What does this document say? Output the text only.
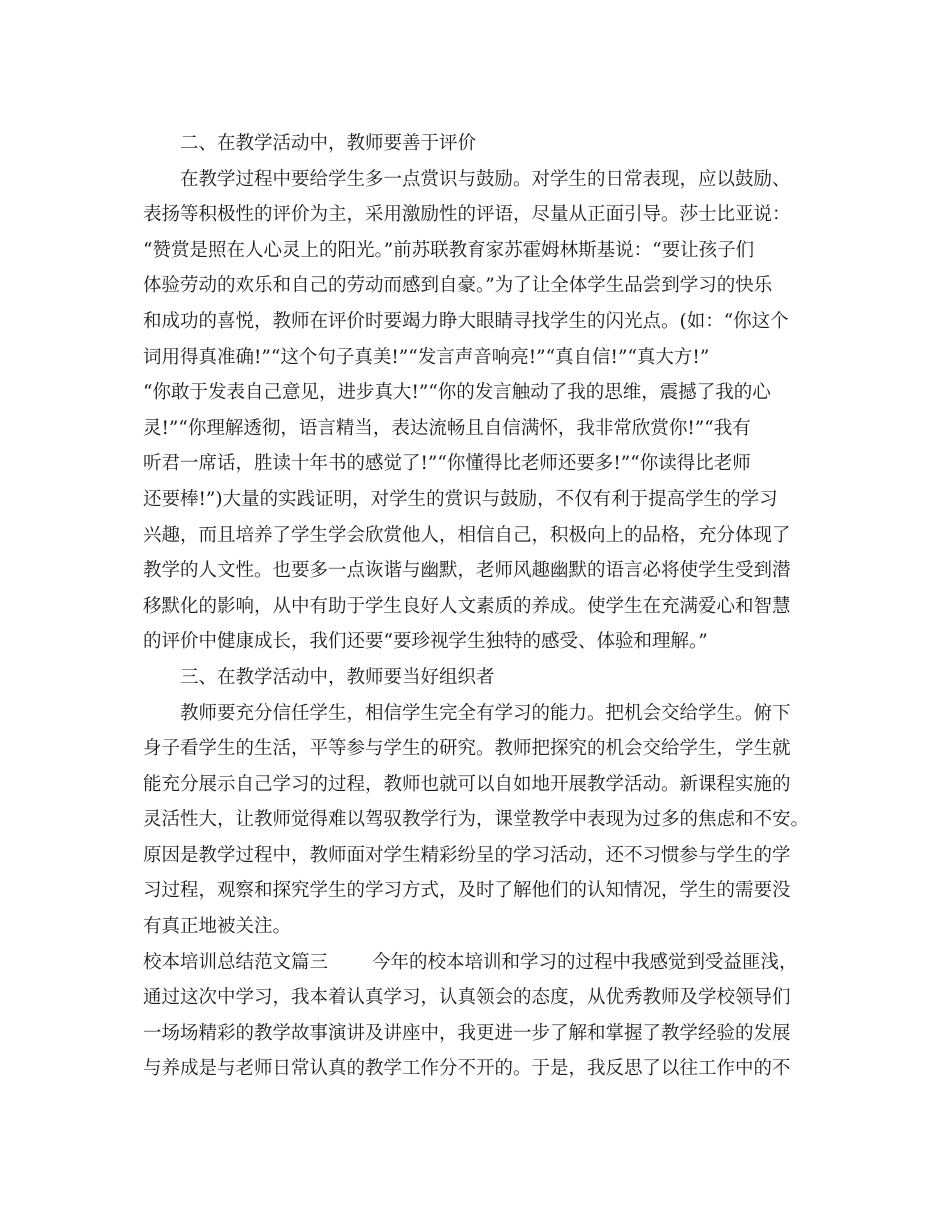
二、在教学活动中，教师要善于评价
在教学过程中要给学生多一点赏识与鼓励。对学生的日常表现，应以鼓励、
表扬等积极性的评价为主，采用激励性的评语，尽量从正面引导。莎士比亚说：
“赞赏是照在人心灵上的阳光。”前苏联教育家苏霍姆林斯基说：“要让孩子们
体验劳动的欢乐和自己的劳动而感到自豪。”为了让全体学生品尝到学习的快乐
和成功的喜悦，教师在评价时要竭力睁大眼睛寻找学生的闪光点。(如：“你这个
词用得真准确!”“这个句子真美!”“发言声音响亮!”“真自信!”“真大方!”
“你敢于发表自己意见，进步真大!”“你的发言触动了我的思维，震撼了我的心
灵!”“你理解透彻，语言精当，表达流畅且自信满怀，我非常欣赏你!”“我有
听君一席话，胜读十年书的感觉了!”“你懂得比老师还要多!”“你读得比老师
还要棒!”)大量的实践证明，对学生的赏识与鼓励，不仅有利于提高学生的学习
兴趣，而且培养了学生学会欣赏他人，相信自己，积极向上的品格，充分体现了
教学的人文性。也要多一点诙谐与幽默，老师风趣幽默的语言必将使学生受到潜
移默化的影响，从中有助于学生良好人文素质的养成。使学生在充满爱心和智慧
的评价中健康成长，我们还要“要珍视学生独特的感受、体验和理解。”
三、在教学活动中，教师要当好组织者
教师要充分信任学生，相信学生完全有学习的能力。把机会交给学生。俯下
身子看学生的生活，平等参与学生的研究。教师把探究的机会交给学生，学生就
能充分展示自己学习的过程，教师也就可以自如地开展教学活动。新课程实施的
灵活性大，让教师觉得难以驾驭教学行为，课堂教学中表现为过多的焦虑和不安。
原因是教学过程中，教师面对学生精彩纷呈的学习活动，还不习惯参与学生的学
习过程，观察和探究学生的学习方式，及时了解他们的认知情况，学生的需要没
有真正地被关注。
校本培训总结范文篇三 今年的校本培训和学习的过程中我感觉到受益匪浅，
通过这次中学习，我本着认真学习，认真领会的态度，从优秀教师及学校领导们
一场场精彩的教学故事演讲及讲座中，我更进一步了解和掌握了教学经验的发展
与养成是与老师日常认真的教学工作分不开的。于是，我反思了以往工作中的不
